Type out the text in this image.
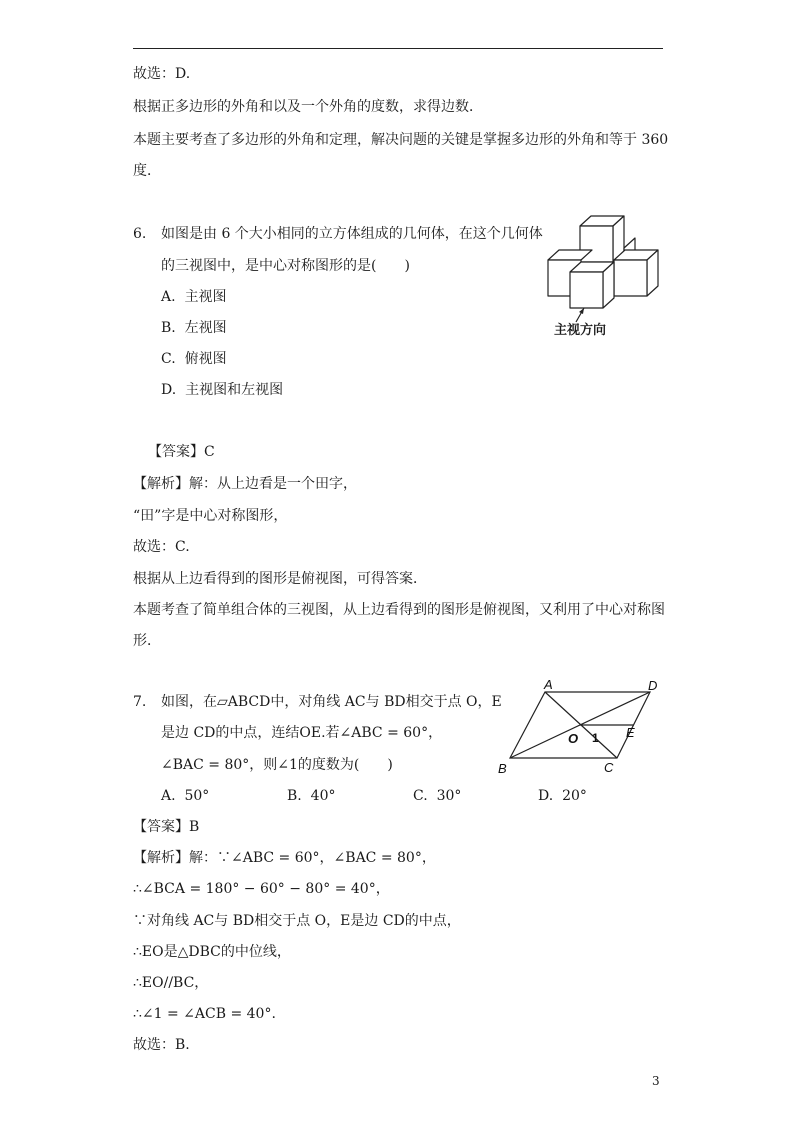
故选：D.
根据正多边形的外角和以及一个外角的度数，求得边数．
本题主要考查了多边形的外角和定理，解决问题的关键是掌握多边形的外角和等于 360
度．
6. 如图是由 6 个大小相同的立方体组成的几何体，在这个几何体
的三视图中，是中心对称图形的是(　　)
A. 主视图
B. 左视图
C. 俯视图
D. 主视图和左视图
主视方向
【答案】C
【解析】解：从上边看是一个田字，
“田”字是中心对称图形，
故选：C.
根据从上边看得到的图形是俯视图，可得答案．
本题考查了简单组合体的三视图，从上边看得到的图形是俯视图，又利用了中心对称图
形．
7. 如图，在▱ABCD中，对角线 AC与 BD相交于点 O，E
是边 CD的中点，连结OE.若∠ABC = 60°，
∠BAC = 80°，则∠1的度数为(　　)
A. 50°	B. 40°	C. 30°	D. 20°
A	D
B	C
O	E
1
【答案】B
【解析】解：∵∠ABC = 60°，∠BAC = 80°，
∴∠BCA = 180° − 60° − 80° = 40°，
∵对角线 AC与 BD相交于点 O，E是边 CD的中点，
∴EO是△DBC的中位线，
∴EO//BC，
∴∠1 = ∠ACB = 40°.
故选：B.
3
